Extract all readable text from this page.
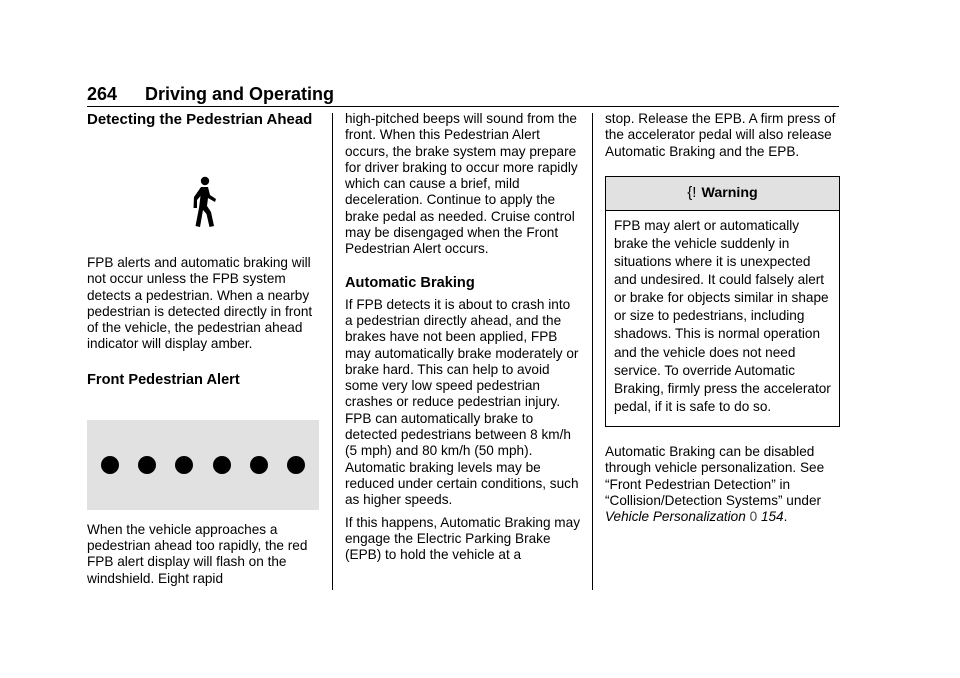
264 Driving and Operating
Detecting the Pedestrian Ahead

FPB alerts and automatic braking will not occur unless the FPB system detects a pedestrian. When a nearby pedestrian is detected directly in front of the vehicle, the pedestrian ahead indicator will display amber.

Front Pedestrian Alert

When the vehicle approaches a pedestrian ahead too rapidly, the red FPB alert display will flash on the windshield. Eight rapid

high-pitched beeps will sound from the front. When this Pedestrian Alert occurs, the brake system may prepare for driver braking to occur more rapidly which can cause a brief, mild deceleration. Continue to apply the brake pedal as needed. Cruise control may be disengaged when the Front Pedestrian Alert occurs.

Automatic Braking

If FPB detects it is about to crash into a pedestrian directly ahead, and the brakes have not been applied, FPB may automatically brake moderately or brake hard. This can help to avoid some very low speed pedestrian crashes or reduce pedestrian injury. FPB can automatically brake to detected pedestrians between 8 km/h (5 mph) and 80 km/h (50 mph). Automatic braking levels may be reduced under certain conditions, such as higher speeds.

If this happens, Automatic Braking may engage the Electric Parking Brake (EPB) to hold the vehicle at a

stop. Release the EPB. A firm press of the accelerator pedal will also release Automatic Braking and the EPB.

{! Warning
FPB may alert or automatically brake the vehicle suddenly in situations where it is unexpected and undesired. It could falsely alert or brake for objects similar in shape or size to pedestrians, including shadows. This is normal operation and the vehicle does not need service. To override Automatic Braking, firmly press the accelerator pedal, if it is safe to do so.

Automatic Braking can be disabled through vehicle personalization. See “Front Pedestrian Detection” in “Collision/Detection Systems” under Vehicle Personalization 0 154.
